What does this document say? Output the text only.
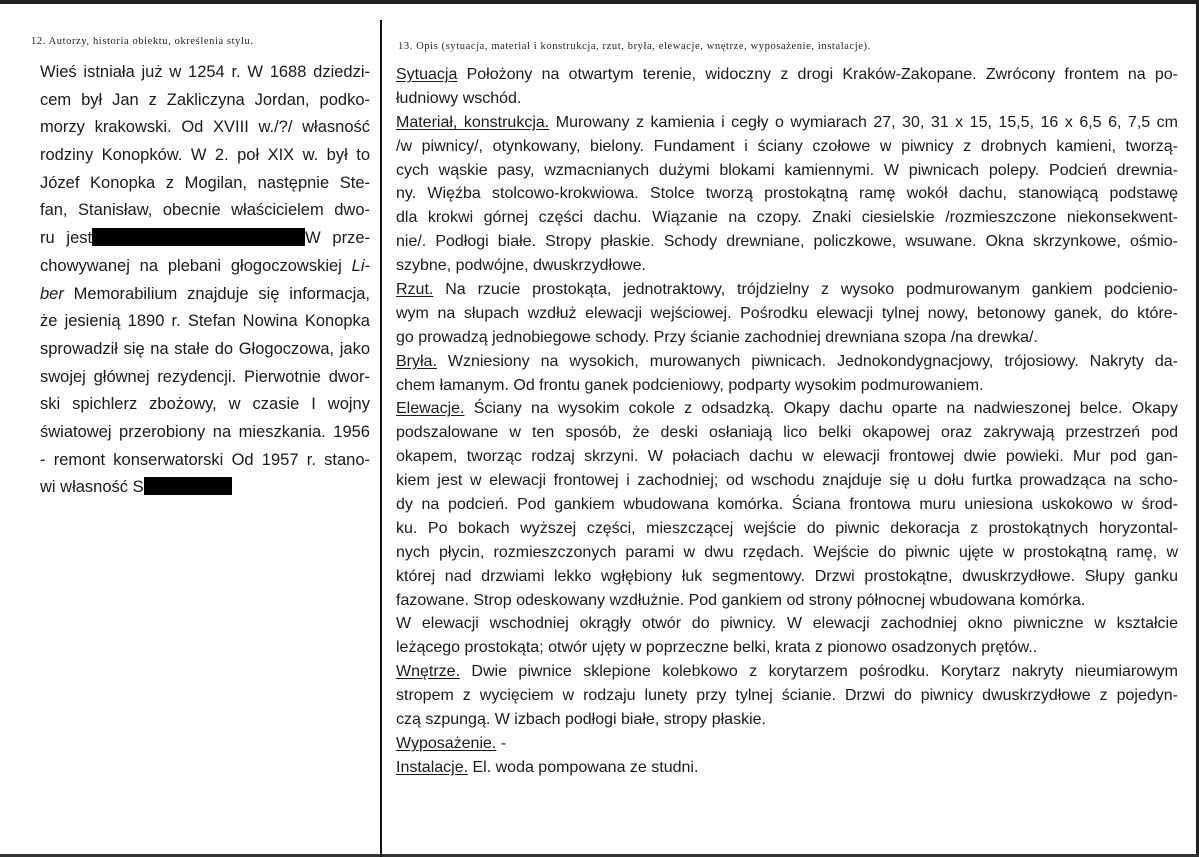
12. Autorzy, historia obiektu, określenia stylu.	13. Opis (sytuacja, materiał i konstrukcja, rzut, bryła, elewacje, wnętrze, wyposażenie, instalacje).
Wieś istniała już w 1254 r. W 1688 dziedzi-
cem był Jan z Zakliczyna Jordan, podko-
morzy krakowski. Od XVIII w./?/ własność
rodziny Konopków. W 2. poł XIX w. był to
Józef Konopka z Mogilan, następnie Ste-
fan, Stanisław, obecnie właścicielem dwo-
ru jest	W prze-
chowywanej na plebani głogoczowskiej Li-
ber Memorabilium znajduje się informacja,
że jesienią 1890 r. Stefan Nowina Konopka
sprowadził się na stałe do Głogoczowa, jako
swojej głównej rezydencji. Pierwotnie dwor-
ski spichlerz zbożowy, w czasie I wojny
światowej przerobiony na mieszkania. 1956
- remont konserwatorski Od 1957 r. stano-
wi własność S
Sytuacja Położony na otwartym terenie, widoczny z drogi Kraków-Zakopane. Zwrócony frontem na po-
łudniowy wschód.
Materiał, konstrukcja. Murowany z kamienia i cegły o wymiarach 27, 30, 31 x 15, 15,5, 16 x 6,5 6, 7,5 cm
/w piwnicy/, otynkowany, bielony. Fundament i ściany czołowe w piwnicy z drobnych kamieni, tworzą-
cych wąskie pasy, wzmacnianych dużymi blokami kamiennymi. W piwnicach polepy. Podcień drewnia-
ny. Więźba stolcowo-krokwiowa. Stolce tworzą prostokątną ramę wokół dachu, stanowiącą podstawę
dla krokwi górnej części dachu. Wiązanie na czopy. Znaki ciesielskie /rozmieszczone niekonsekwent-
nie/. Podłogi białe. Stropy płaskie. Schody drewniane, policzkowe, wsuwane. Okna skrzynkowe, ośmio-
szybne, podwójne, dwuskrzydłowe.
Rzut. Na rzucie prostokąta, jednotraktowy, trójdzielny z wysoko podmurowanym gankiem podcienio-
wym na słupach wzdłuż elewacji wejściowej. Pośrodku elewacji tylnej nowy, betonowy ganek, do które-
go prowadzą jednobiegowe schody. Przy ścianie zachodniej drewniana szopa /na drewka/.
Bryła. Wzniesiony na wysokich, murowanych piwnicach. Jednokondygnacjowy, trójosiowy. Nakryty da-
chem łamanym. Od frontu ganek podcieniowy, podparty wysokim podmurowaniem.
Elewacje. Ściany na wysokim cokole z odsadzką. Okapy dachu oparte na nadwieszonej belce. Okapy
podszalowane w ten sposób, że deski osłaniają lico belki okapowej oraz zakrywają przestrzeń pod
okapem, tworząc rodzaj skrzyni. W połaciach dachu w elewacji frontowej dwie powieki. Mur pod gan-
kiem jest w elewacji frontowej i zachodniej; od wschodu znajduje się u dołu furtka prowadząca na scho-
dy na podcień. Pod gankiem wbudowana komórka. Ściana frontowa muru uniesiona uskokowo w środ-
ku. Po bokach wyższej części, mieszczącej wejście do piwnic dekoracja z prostokątnych horyzontal-
nych płycin, rozmieszczonych parami w dwu rzędach. Wejście do piwnic ujęte w prostokątną ramę, w
której nad drzwiami lekko wgłębiony łuk segmentowy. Drzwi prostokątne, dwuskrzydłowe. Słupy ganku
fazowane. Strop odeskowany wzdłużnie. Pod gankiem od strony północnej wbudowana komórka.
W elewacji wschodniej okrągły otwór do piwnicy. W elewacji zachodniej okno piwniczne w kształcie
leżącego prostokąta; otwór ujęty w poprzeczne belki, krata z pionowo osadzonych prętów..
Wnętrze. Dwie piwnice sklepione kolebkowo z korytarzem pośrodku. Korytarz nakryty nieumiarowym
stropem z wycięciem w rodzaju lunety przy tylnej ścianie. Drzwi do piwnicy dwuskrzydłowe z pojedyn-
czą szpungą. W izbach podłogi białe, stropy płaskie.
Wyposażenie. -
Instalacje. El. woda pompowana ze studni.
